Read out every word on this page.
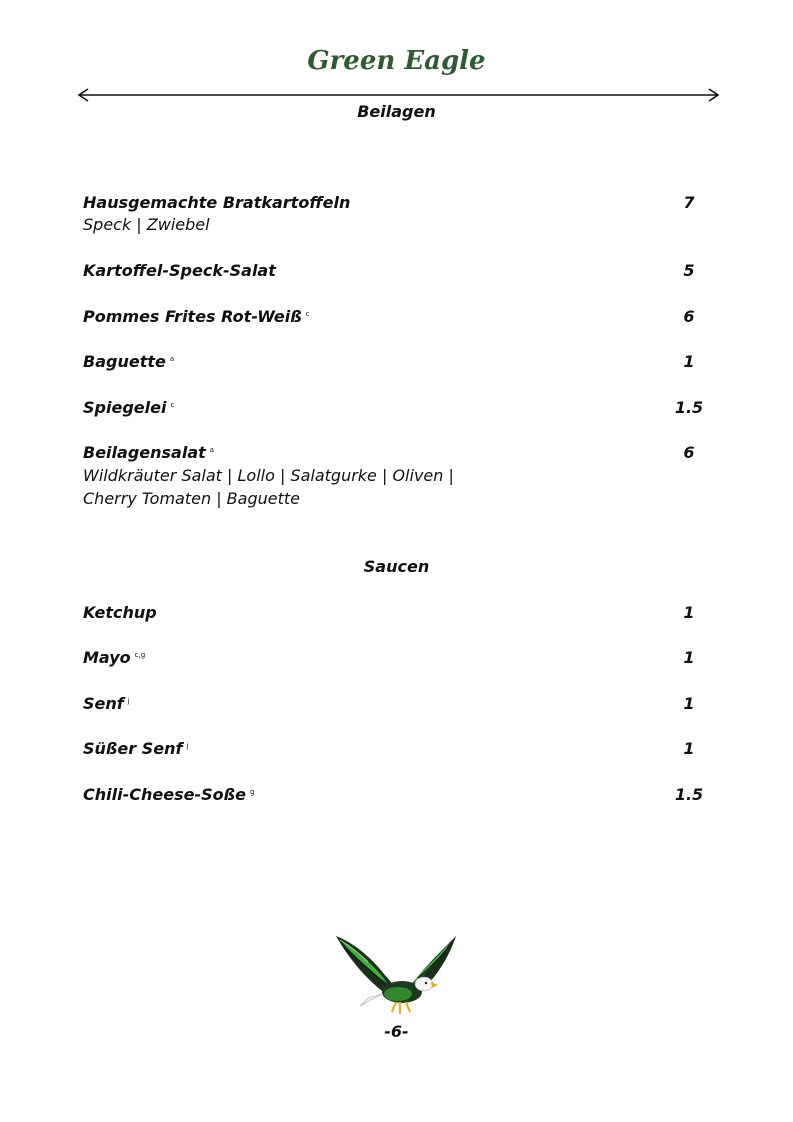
Green Eagle
Beilagen
Hausgemachte Bratkartoffeln	7
Speck | Zwiebel
Kartoffel-Speck-Salat	5
Pommes Frites Rot-Weiß $^c$	6
Baguette $^a$	1
Spiegelei $^c$	1.5
Beilagensalat $^a$	6
Wildkräuter Salat | Lollo | Salatgurke | Oliven |
Cherry Tomaten | Baguette
Saucen
Ketchup	1
Mayo $^{c,g}$	1
Senf $^j$	1
Süßer Senf $^j$	1
Chili-Cheese-Soße $^g$	1.5
-6-
